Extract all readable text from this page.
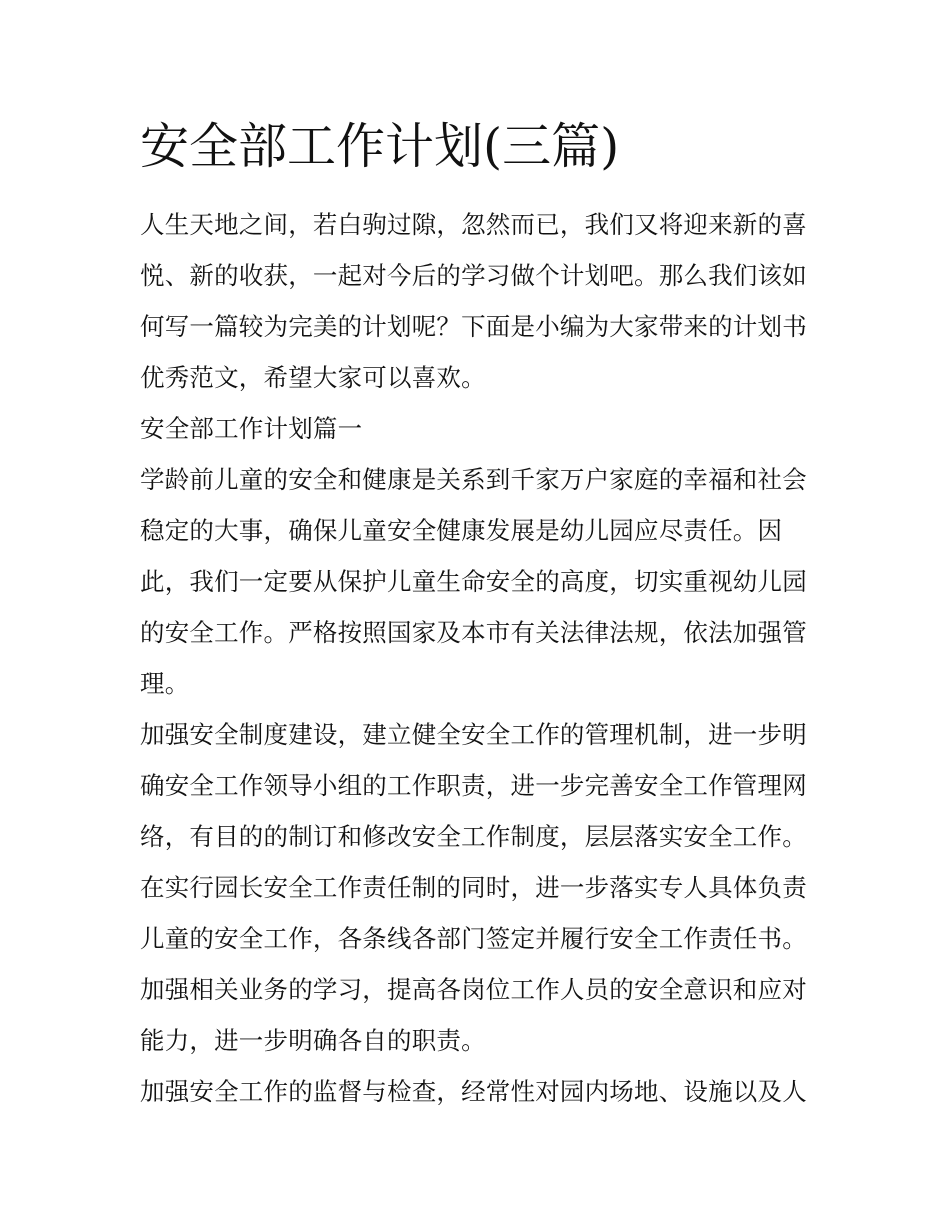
安全部工作计划(三篇)

人生天地之间，若白驹过隙，忽然而已，我们又将迎来新的喜

悦、新的收获，一起对今后的学习做个计划吧。那么我们该如

何写一篇较为完美的计划呢？下面是小编为大家带来的计划书

优秀范文，希望大家可以喜欢。

安全部工作计划篇一

学龄前儿童的安全和健康是关系到千家万户家庭的幸福和社会

稳定的大事，确保儿童安全健康发展是幼儿园应尽责任。因

此，我们一定要从保护儿童生命安全的高度，切实重视幼儿园

的安全工作。严格按照国家及本市有关法律法规，依法加强管

理。

加强安全制度建设，建立健全安全工作的管理机制，进一步明

确安全工作领导小组的工作职责，进一步完善安全工作管理网

络，有目的的制订和修改安全工作制度，层层落实安全工作。

在实行园长安全工作责任制的同时，进一步落实专人具体负责

儿童的安全工作，各条线各部门签定并履行安全工作责任书。

加强相关业务的学习，提高各岗位工作人员的安全意识和应对

能力，进一步明确各自的职责。

加强安全工作的监督与检查，经常性对园内场地、设施以及人
